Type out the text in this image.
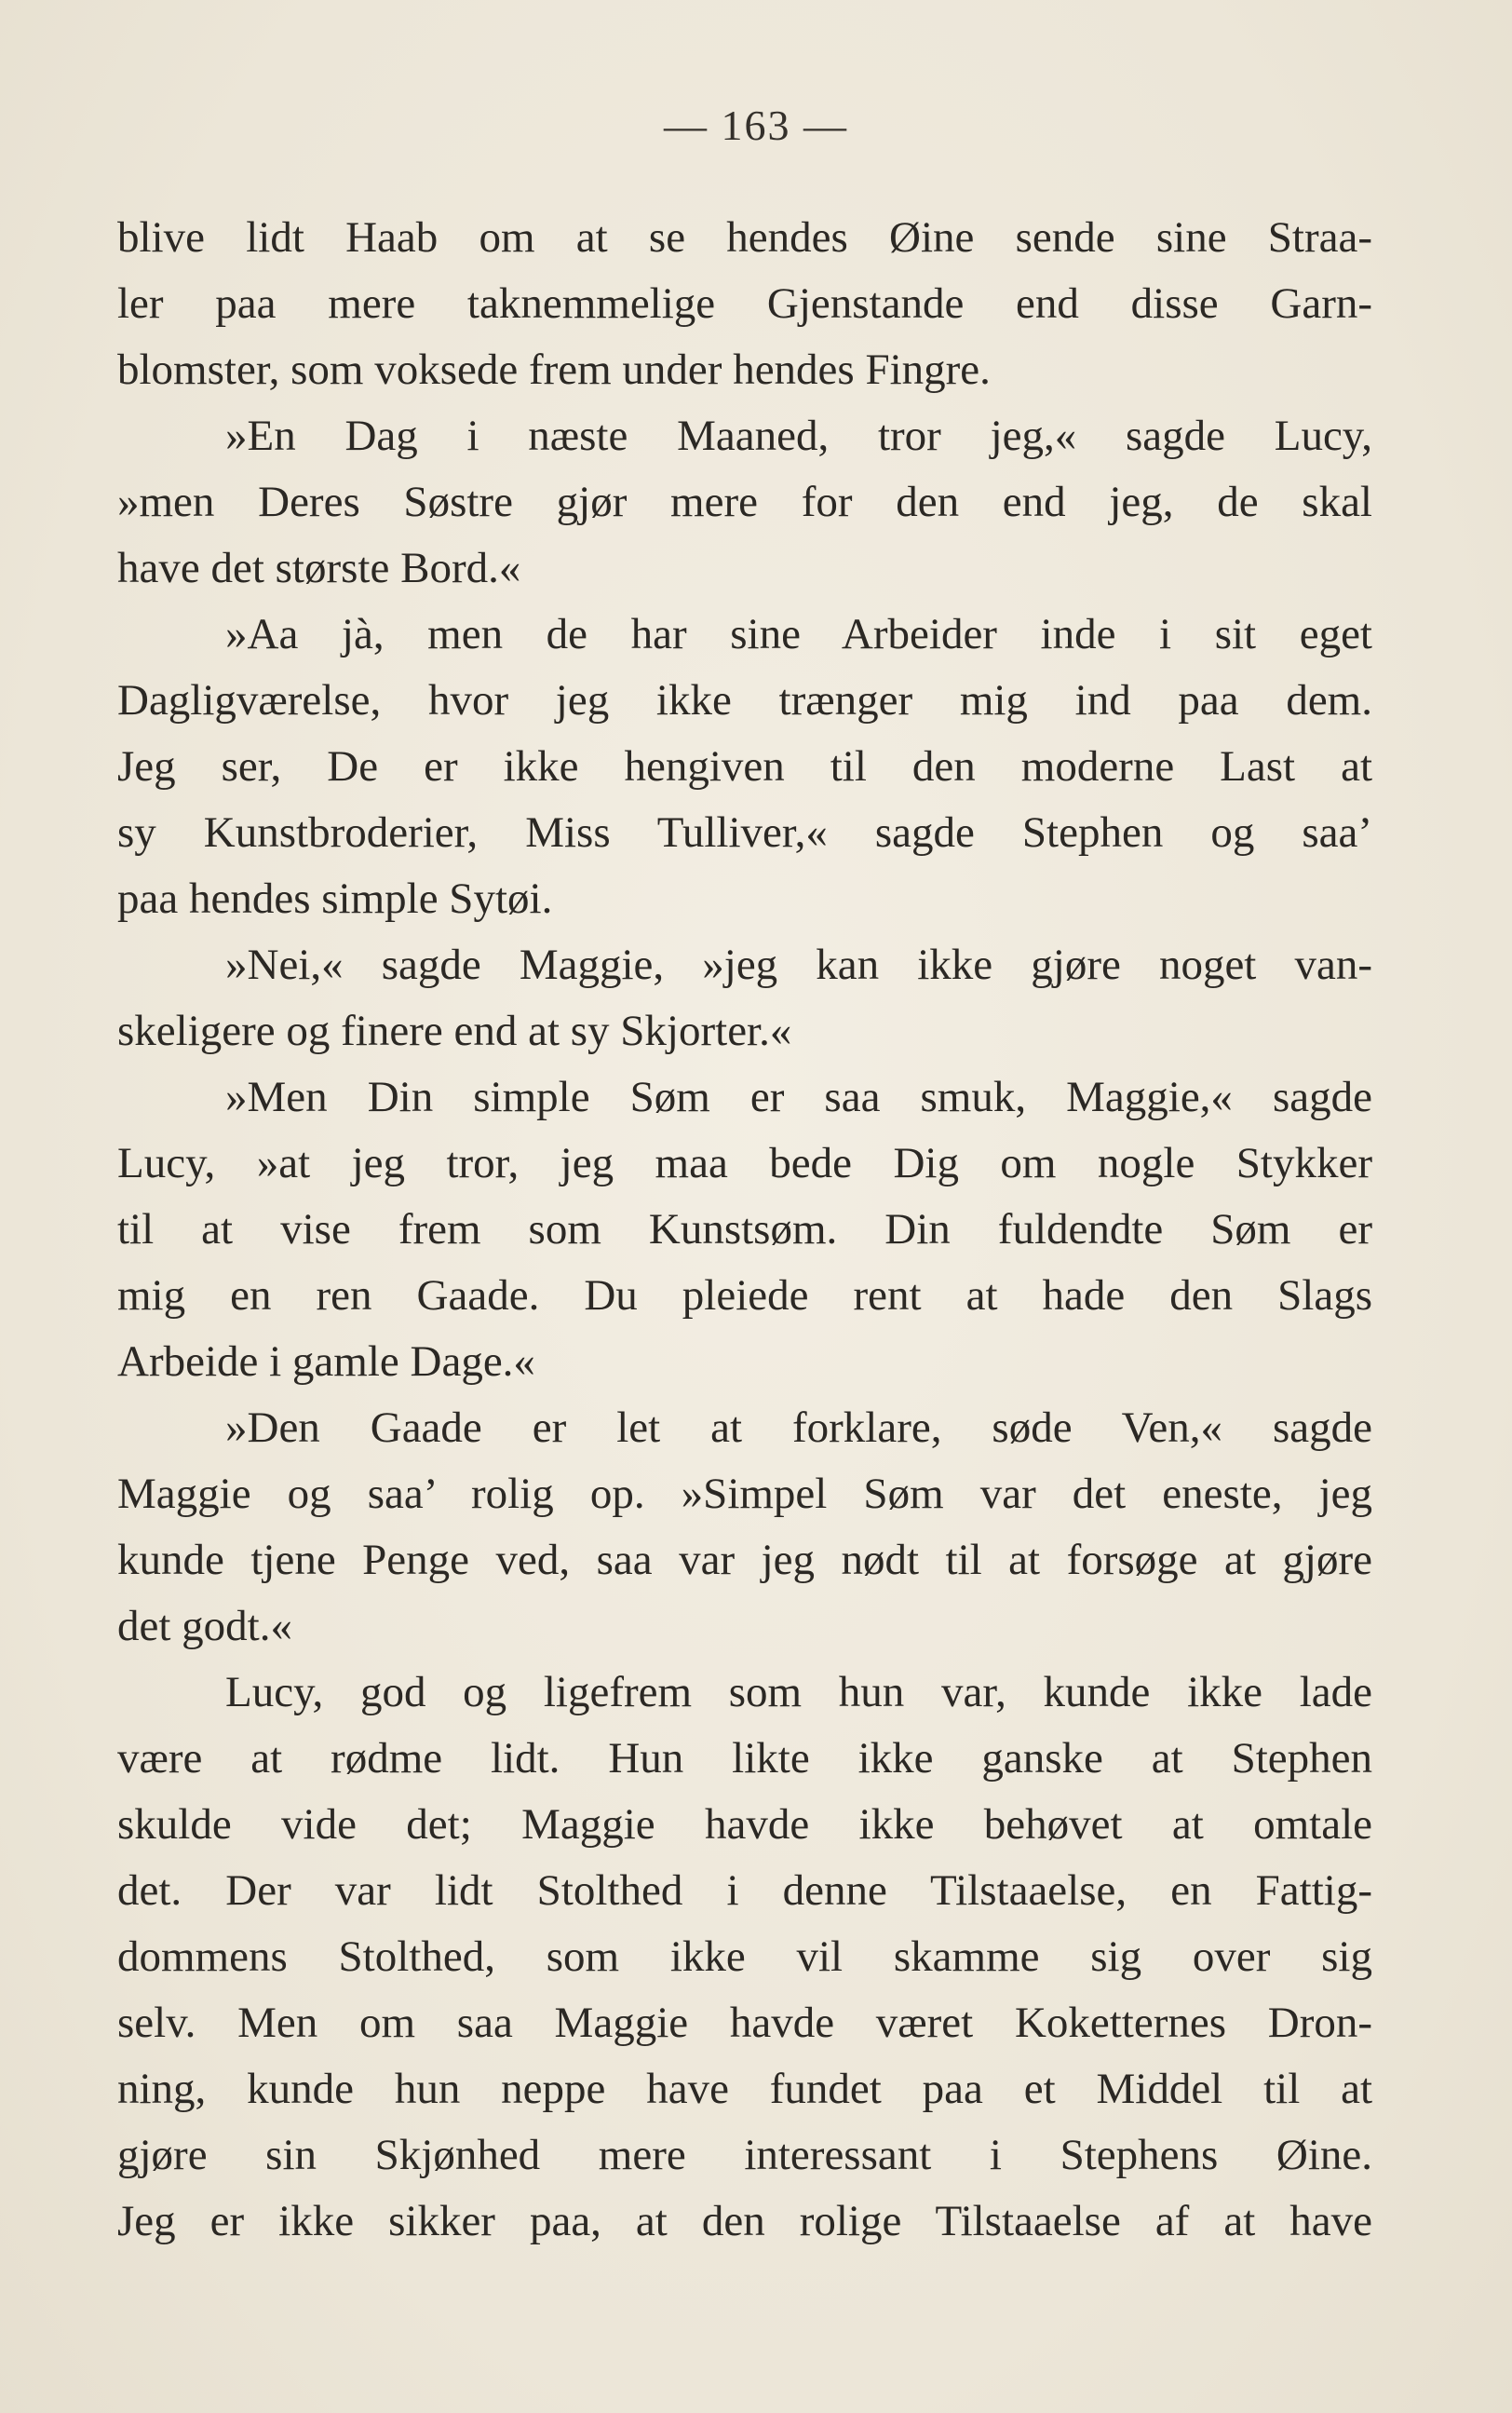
— 163 —
blive lidt Haab om at se hendes Øine sende sine Straa-
ler paa mere taknemmelige Gjenstande end disse Garn-
blomster, som voksede frem under hendes Fingre.
»En Dag i næste Maaned, tror jeg,« sagde Lucy,
»men Deres Søstre gjør mere for den end jeg, de skal
have det største Bord.«
»Aa jà, men de har sine Arbeider inde i sit eget
Dagligværelse, hvor jeg ikke trænger mig ind paa dem.
Jeg ser, De er ikke hengiven til den moderne Last at
sy Kunstbroderier, Miss Tulliver,« sagde Stephen og saa’
paa hendes simple Sytøi.
»Nei,« sagde Maggie, »jeg kan ikke gjøre noget van-
skeligere og finere end at sy Skjorter.«
»Men Din simple Søm er saa smuk, Maggie,« sagde
Lucy, »at jeg tror, jeg maa bede Dig om nogle Stykker
til at vise frem som Kunstsøm. Din fuldendte Søm er
mig en ren Gaade. Du pleiede rent at hade den Slags
Arbeide i gamle Dage.«
»Den Gaade er let at forklare, søde Ven,« sagde
Maggie og saa’ rolig op. »Simpel Søm var det eneste, jeg
kunde tjene Penge ved, saa var jeg nødt til at forsøge at gjøre
det godt.«
Lucy, god og ligefrem som hun var, kunde ikke lade
være at rødme lidt. Hun likte ikke ganske at Stephen
skulde vide det; Maggie havde ikke behøvet at omtale
det. Der var lidt Stolthed i denne Tilstaaelse, en Fattig-
dommens Stolthed, som ikke vil skamme sig over sig
selv. Men om saa Maggie havde været Koketternes Dron-
ning, kunde hun neppe have fundet paa et Middel til at
gjøre sin Skjønhed mere interessant i Stephens Øine.
Jeg er ikke sikker paa, at den rolige Tilstaaelse af at have
